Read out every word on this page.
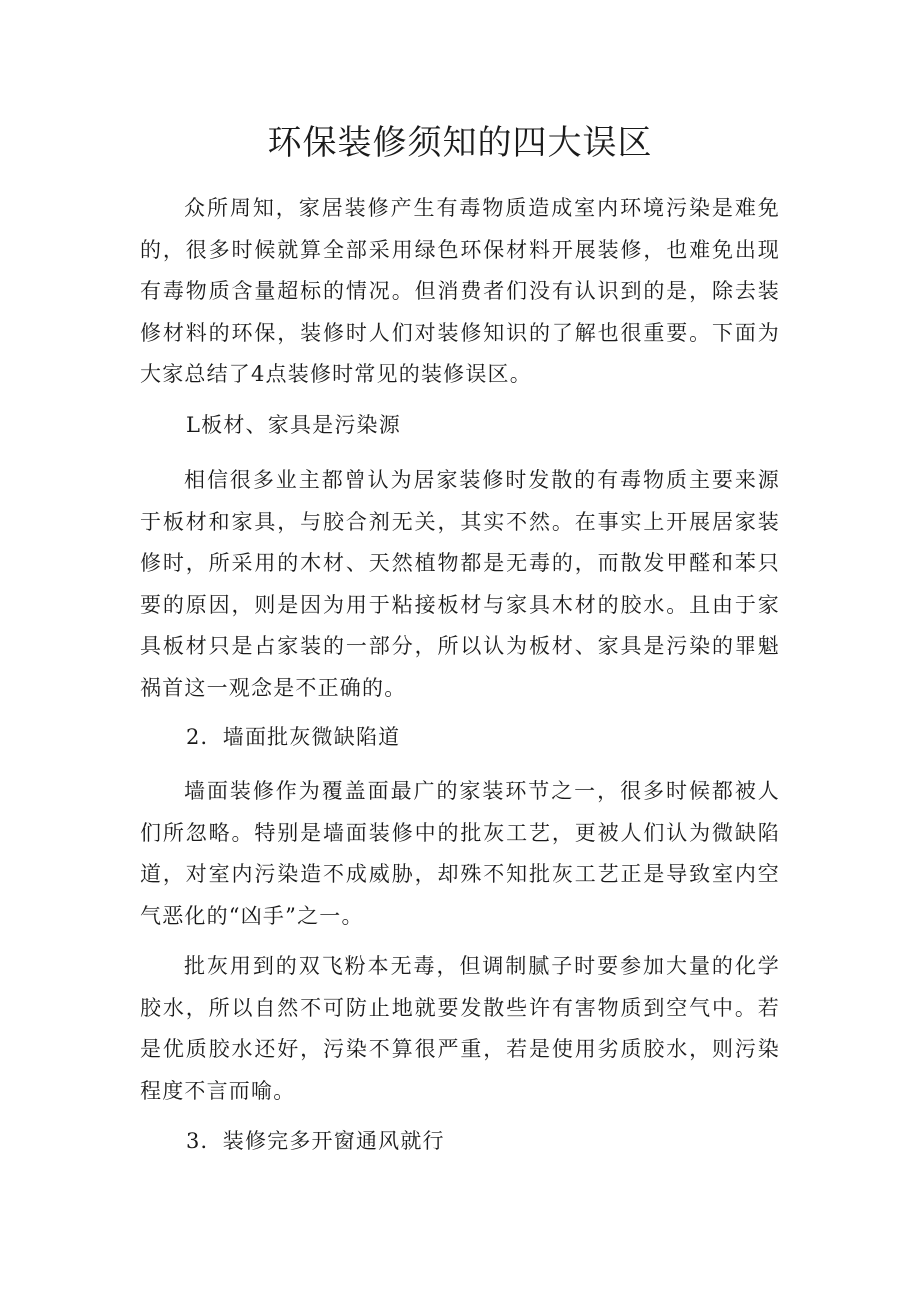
环保装修须知的四大误区

众所周知，家居装修产生有毒物质造成室内环境污染是难免的，很多时候就算全部采用绿色环保材料开展装修，也难免出现有毒物质含量超标的情况。但消费者们没有认识到的是，除去装修材料的环保，装修时人们对装修知识的了解也很重要。下面为大家总结了4点装修时常见的装修误区。

L板材、家具是污染源

相信很多业主都曾认为居家装修时发散的有毒物质主要来源于板材和家具，与胶合剂无关，其实不然。在事实上开展居家装修时，所采用的木材、天然植物都是无毒的，而散发甲醛和苯只要的原因，则是因为用于粘接板材与家具木材的胶水。且由于家具板材只是占家装的一部分，所以认为板材、家具是污染的罪魁祸首这一观念是不正确的。

2．墙面批灰微缺陷道

墙面装修作为覆盖面最广的家装环节之一，很多时候都被人们所忽略。特别是墙面装修中的批灰工艺，更被人们认为微缺陷道，对室内污染造不成威胁，却殊不知批灰工艺正是导致室内空气恶化的“凶手”之一。

批灰用到的双飞粉本无毒，但调制腻子时要参加大量的化学胶水，所以自然不可防止地就要发散些许有害物质到空气中。若是优质胶水还好，污染不算很严重，若是使用劣质胶水，则污染程度不言而喻。

3．装修完多开窗通风就行
